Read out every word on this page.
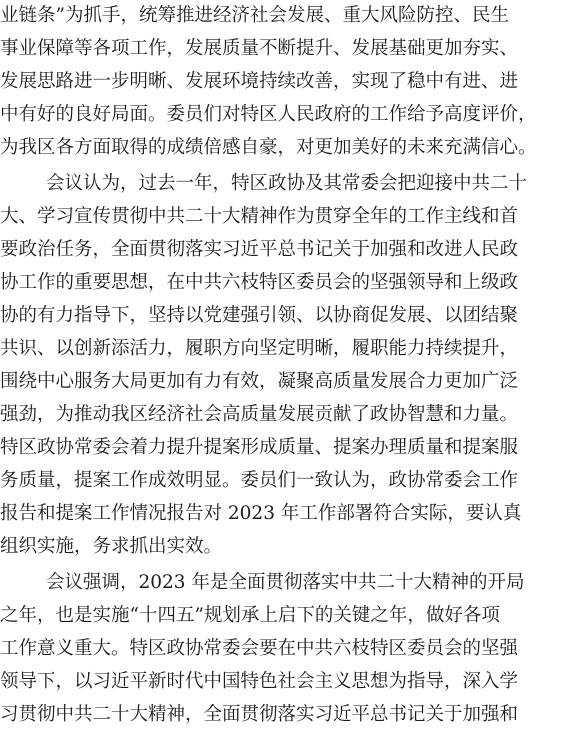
业链条”为抓手，统筹推进经济社会发展、重大风险防控、民生
事业保障等各项工作，发展质量不断提升、发展基础更加夯实、
发展思路进一步明晰、发展环境持续改善，实现了稳中有进、进
中有好的良好局面。委员们对特区人民政府的工作给予高度评价，
为我区各方面取得的成绩倍感自豪，对更加美好的未来充满信心。
会议认为，过去一年，特区政协及其常委会把迎接中共二十
大、学习宣传贯彻中共二十大精神作为贯穿全年的工作主线和首
要政治任务，全面贯彻落实习近平总书记关于加强和改进人民政
协工作的重要思想，在中共六枝特区委员会的坚强领导和上级政
协的有力指导下，坚持以党建强引领、以协商促发展、以团结聚
共识、以创新添活力，履职方向坚定明晰，履职能力持续提升，
围绕中心服务大局更加有力有效，凝聚高质量发展合力更加广泛
强劲，为推动我区经济社会高质量发展贡献了政协智慧和力量。
特区政协常委会着力提升提案形成质量、提案办理质量和提案服
务质量，提案工作成效明显。委员们一致认为，政协常委会工作
报告和提案工作情况报告对 2023 年工作部署符合实际，要认真
组织实施，务求抓出实效。
会议强调，2023 年是全面贯彻落实中共二十大精神的开局
之年，也是实施“十四五”规划承上启下的关键之年，做好各项
工作意义重大。特区政协常委会要在中共六枝特区委员会的坚强
领导下，以习近平新时代中国特色社会主义思想为指导，深入学
习贯彻中共二十大精神，全面贯彻落实习近平总书记关于加强和
